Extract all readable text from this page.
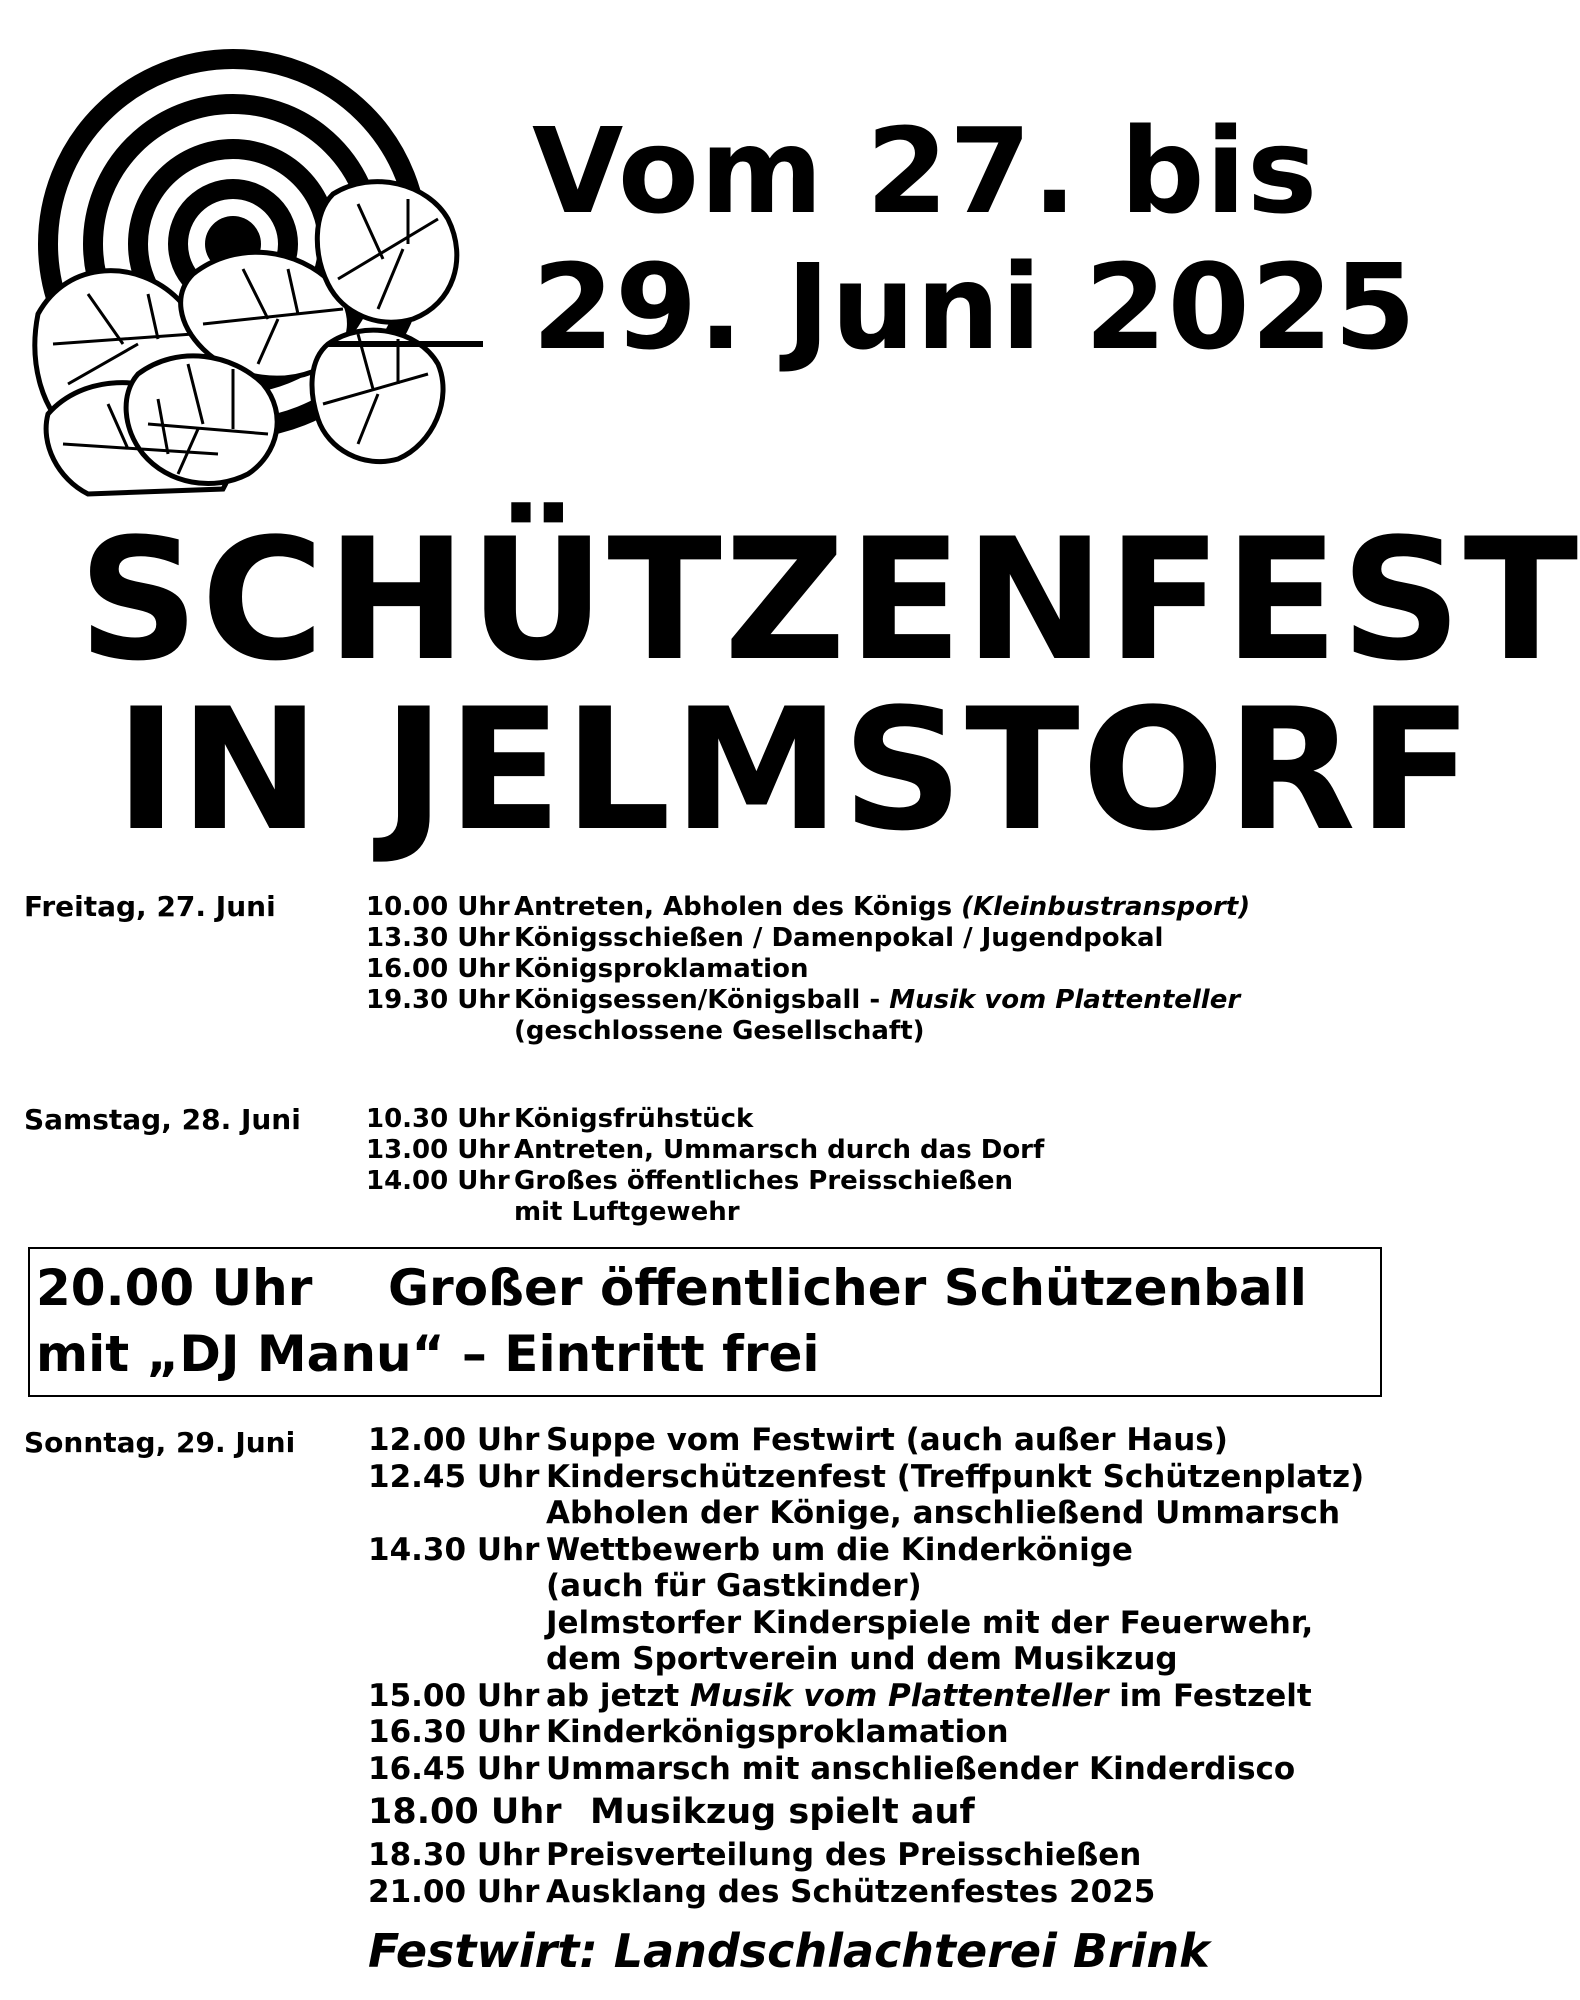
Vom 27. bis
29. Juni 2025
SCHÜTZENFEST
IN JELMSTORF
Freitag, 27. Juni	10.00 Uhr Antreten, Abholen des Königs (Kleinbustransport)
13.30 Uhr Königsschießen / Damenpokal / Jugendpokal
16.00 Uhr Königsproklamation
19.30 Uhr Königsessen/Königsball - Musik vom Plattenteller
(geschlossene Gesellschaft)
Samstag, 28. Juni	10.30 Uhr Königsfrühstück
13.00 Uhr Antreten, Ummarsch durch das Dorf
14.00 Uhr Großes öffentliches Preisschießen
mit Luftgewehr
20.00 Uhr Großer öffentlicher Schützenball
mit „DJ Manu“ – Eintritt frei
Sonntag, 29. Juni 12.00 Uhr Suppe vom Festwirt (auch außer Haus)
12.45 Uhr Kinderschützenfest (Treffpunkt Schützenplatz)
Abholen der Könige, anschließend Ummarsch
14.30 Uhr Wettbewerb um die Kinderkönige
(auch für Gastkinder)
Jelmstorfer Kinderspiele mit der Feuerwehr,
dem Sportverein und dem Musikzug
15.00 Uhr ab jetzt Musik vom Plattenteller im Festzelt
16.30 Uhr Kinderkönigsproklamation
16.45 Uhr Ummarsch mit anschließender Kinderdisco
18.00 Uhr Musikzug spielt auf
18.30 Uhr Preisverteilung des Preisschießen
21.00 Uhr Ausklang des Schützenfestes 2025
Festwirt: Landschlachterei Brink
